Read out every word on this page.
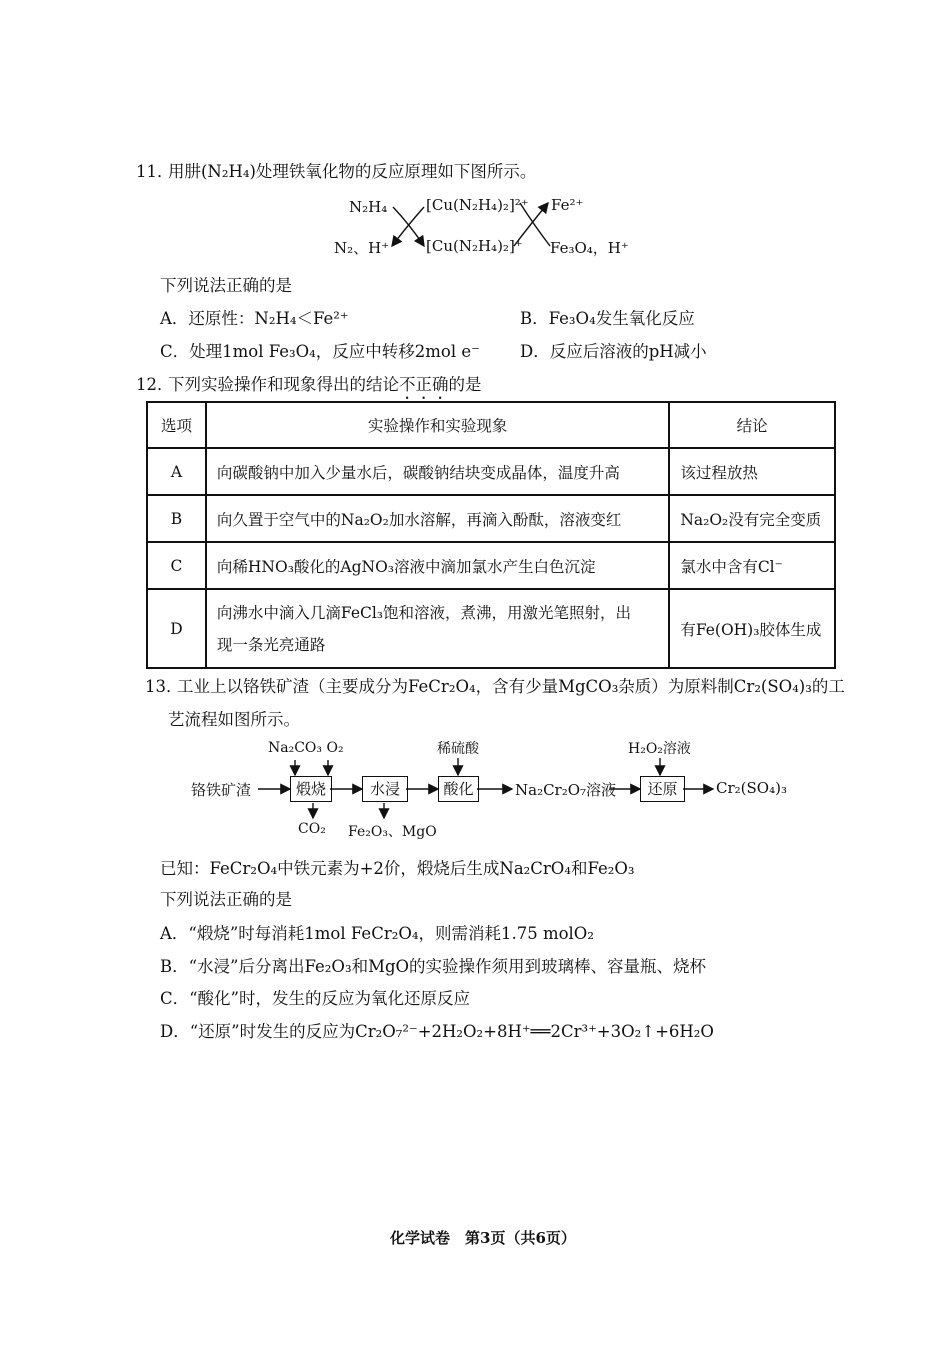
11．
用肼(N₂H₄)处理铁氧化物的反应原理如下图所示。
N₂H₄
N₂、H⁺
[Cu(N₂H₄)₂]²⁺
[Cu(N₂H₄)₂]⁺
Fe²⁺
Fe₃O₄，H⁺
下列说法正确的是
A．还原性：N₂H₄＜Fe²⁺	B．Fe₃O₄发生氧化反应
C．处理1mol Fe₃O₄，反应中转移2mol e⁻ D．反应后溶液的pH减小
12．
下列实验操作和现象得出的结论不正确的是
选项	实验操作和实验现象	结论
A	向碳酸钠中加入少量水后，碳酸钠结块变成晶体，温度升高	该过程放热
B	向久置于空气中的Na₂O₂加水溶解，再滴入酚酞，溶液变红	Na₂O₂没有完全变质
C	向稀HNO₃酸化的AgNO₃溶液中滴加氯水产生白色沉淀	氯水中含有Cl⁻
D	向沸水中滴入几滴FeCl₃饱和溶液，煮沸，用激光笔照射，出
现一条光亮通路	有Fe(OH)₃胶体生成
13．
工业上以铬铁矿渣（主要成分为FeCr₂O₄，含有少量MgCO₃杂质）为原料制Cr₂(SO₄)₃的工
艺流程如图所示。
Na₂CO₃ O₂	稀硫酸	H₂O₂溶液
铬铁矿渣	煅烧	水浸	酸化	Na₂Cr₂O₇溶液	还原	Cr₂(SO₄)₃
CO₂ Fe₂O₃、MgO
已知：FeCr₂O₄中铁元素为+2价，煅烧后生成Na₂CrO₄和Fe₂O₃
下列说法正确的是
A．“煅烧”时每消耗1mol FeCr₂O₄，则需消耗1.75 molO₂
B．“水浸”后分离出Fe₂O₃和MgO的实验操作须用到玻璃棒、容量瓶、烧杯
C．“酸化”时，发生的反应为氧化还原反应
D．“还原”时发生的反应为Cr₂O₇²⁻+2H₂O₂+8H⁺══2Cr³⁺+3O₂↑+6H₂O
化学试卷　第3页（共6页）
